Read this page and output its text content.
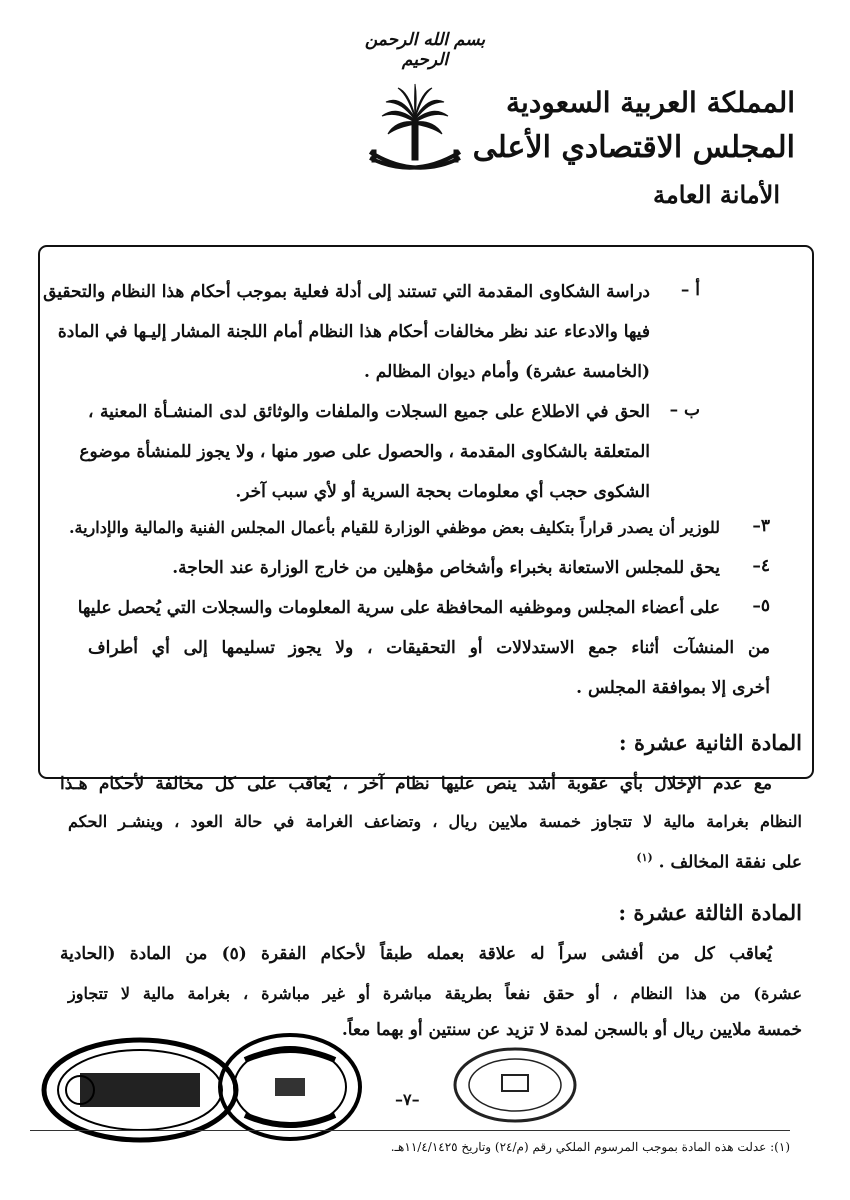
بسم الله الرحمن الرحيم
المملكة العربية السعودية
المجلس الاقتصادي الأعلى
الأمانة العامة
أ –
دراسة الشكاوى المقدمة التي تستند إلى أدلة فعلية بموجب أحكام هذا النظام والتحقيق
فيها والادعاء عند نظر مخالفات أحكام هذا النظام أمام اللجنة المشار إليـها في المادة
(الخامسة عشرة) وأمام ديوان المظالم .
ب –
الحق في الاطلاع على جميع السجلات والملفات والوثائق لدى المنشـأة المعنية ،
المتعلقة بالشكاوى المقدمة ، والحصول على صور منها ، ولا يجوز للمنشأة موضوع
الشكوى حجب أي معلومات بحجة السرية أو لأي سبب آخر.
٣–
للوزير أن يصدر قراراً بتكليف بعض موظفي الوزارة للقيام بأعمال المجلس الفنية والمالية والإدارية.
٤–
يحق للمجلس الاستعانة بخبراء وأشخاص مؤهلين من خارج الوزارة عند الحاجة.
٥–
على أعضاء المجلس وموظفيه المحافظة على سرية المعلومات والسجلات التي يُحصل عليها
من المنشآت أثناء جمع الاستدلالات أو التحقيقات ، ولا يجوز تسليمها إلى أي أطراف
أخرى إلا بموافقة المجلس .
المادة الثانية عشرة :
مع عدم الإخلال بأي عقوبة أشد ينص عليها نظام آخر ، يُعاقب على كل مخالفة لأحكام هـذا
النظام بغرامة مالية لا تتجاوز خمسة ملايين ريال ، وتضاعف الغرامة في حالة العود ، وينشـر الحكم
على نفقة المخالف . $^{(١)}$
المادة الثالثة عشرة :
يُعاقب كل من أفشى سراً له علاقة بعمله طبقاً لأحكام الفقرة (٥) من المادة (الحادية
عشرة) من هذا النظام ، أو حقق نفعاً بطريقة مباشرة أو غير مباشرة ، بغرامة مالية لا تتجاوز
خمسة ملايين ريال أو بالسجن لمدة لا تزيد عن سنتين أو بهما معاً.
–٧–
(١): عدلت هذه المادة بموجب المرسوم الملكي رقم (م/٢٤) وتاريخ ١١/٤/١٤٢٥هـ.
